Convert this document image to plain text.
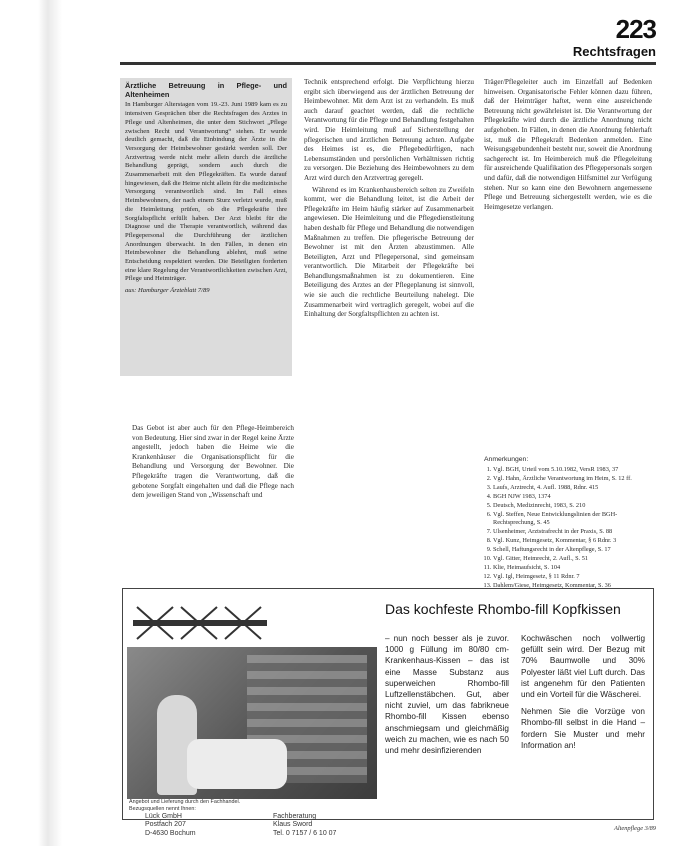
223
Rechtsfragen
Ärztliche Betreuung in Pflege- und Altenheimen

In Hamburger Alterstagen vom 19.-23. Juni 1989 kam es zu intensiven Gesprächen über die Rechtsfragen des Arztes in Pflege und Altenheimen, die unter dem Stichwort „Pflege zwischen Recht und Verantwortung“ stehen. Er wurde deutlich gemacht, daß die Einbindung der Ärzte in die Versorgung der Heimbewohner gestärkt werden soll. Der Arztvertrag werde nicht mehr allein durch die ärztliche Behandlung geprägt, sondern auch durch die Zusammenarbeit mit den Pflegekräften. Es wurde darauf hingewiesen, daß die Heime nicht allein für die medizinische Versorgung verantwortlich sind. Im Fall eines Heimbewohners, der nach einem Sturz verletzt wurde, muß die Heimleitung prüfen, ob die Pflegekräfte ihre Sorgfaltspflicht erfüllt haben. Der Arzt bleibt für die Diagnose und die Therapie verantwortlich, während das Pflegepersonal die Durchführung der ärztlichen Anordnungen überwacht. In den Fällen, in denen ein Heimbewohner die Behandlung ablehnt, muß seine Entscheidung respektiert werden. Die Beteiligten forderten eine klare Regelung der Verantwortlichkeiten zwischen Arzt, Pflege und Heimträger.

aus: Hamburger Ärzteblatt 7/89

Das Gebot ist aber auch für den Pflege-Heimbereich von Bedeutung. Hier sind zwar in der Regel keine Ärzte angestellt, jedoch haben die Heime wie die Krankenhäuser die Organisationspflicht für die Behandlung und Versorgung der Bewohner. Die Pflegekräfte tragen die Verantwortung, daß die gebotene Sorgfalt eingehalten und daß die Pflege nach dem jeweiligen Stand von „Wissenschaft und

Technik entsprechend erfolgt. Die Verpflichtung hierzu ergibt sich überwiegend aus der ärztlichen Betreuung der Heimbewohner. Mit dem Arzt ist zu verhandeln. Es muß auch darauf geachtet werden, daß die rechtliche Verantwortung für die Pflege und Behandlung festgehalten wird. Die Heimleitung muß auf Sicherstellung der pflegerischen und ärztlichen Betreuung achten. Aufgabe des Heimes ist es, die Pflegebedürftigen, nach Lebensumständen und persönlichen Verhältnissen richtig zu versorgen. Die Beziehung des Heimbewohners zu dem Arzt wird durch den Arztvertrag geregelt.

Während es im Krankenhausbereich selten zu Zweifeln kommt, wer die Behandlung leitet, ist die Arbeit der Pflegekräfte im Heim häufig stärker auf Zusammenarbeit angewiesen. Die Heimleitung und die Pflegedienstleitung haben deshalb für Pflege und Behandlung die notwendigen Maßnahmen zu treffen. Die pflegerische Betreuung der Bewohner ist mit den Ärzten abzustimmen. Alle Beteiligten, Arzt und Pflegepersonal, sind gemeinsam verantwortlich. Die Mitarbeit der Pflegekräfte bei Behandlungsmaßnahmen ist zu dokumentieren. Eine Beteiligung des Arztes an der Pflegeplanung ist sinnvoll, wie sie auch die rechtliche Beurteilung nahelegt. Die Zusammenarbeit wird vertraglich geregelt, wobei auf die Einhaltung der Sorgfaltspflichten zu achten ist.

Träger/Pflegeleiter auch im Einzelfall auf Bedenken hinweisen. Organisatorische Fehler können dazu führen, daß der Heimträger haftet, wenn eine ausreichende Betreuung nicht gewährleistet ist. Die Verantwortung der Pflegekräfte wird durch die ärztliche Anordnung nicht aufgehoben. In Fällen, in denen die Anordnung fehlerhaft ist, muß die Pflegekraft Bedenken anmelden. Eine Weisungsgebundenheit besteht nur, soweit die Anordnung sachgerecht ist. Im Heimbereich muß die Pflegeleitung für ausreichende Qualifikation des Pflegepersonals sorgen und dafür, daß die notwendigen Hilfsmittel zur Verfügung stehen. Nur so kann eine den Bewohnern angemessene Pflege und Betreuung sichergestellt werden, wie es die Heimgesetze verlangen.

Anmerkungen:
1. Vgl. BGH, Urteil vom 5.10.1982, VersR 1983, 37
2. Vgl. Hahn, Ärztliche Verantwortung im Heim, S. 12 ff.
3. Laufs, Arztrecht, 4. Aufl. 1988, Rdnr. 415
4. BGH NJW 1983, 1374
5. Deutsch, Medizinrecht, 1983, S. 210
6. Vgl. Steffen, Neue Entwicklungslinien der BGH-Rechtsprechung, S. 45
7. Ulsenheimer, Arztstrafrecht in der Praxis, S. 88
8. Vgl. Kunz, Heimgesetz, Kommentar, § 6 Rdnr. 3
9. Schell, Haftungsrecht in der Altenpflege, S. 17
10. Vgl. Gitter, Heimrecht, 2. Aufl., S. 51
11. Klie, Heimaufsicht, S. 104
12. Vgl. Igl, Heimgesetz, § 11 Rdnr. 7
13. Dahlem/Giese, Heimgesetz, Kommentar, S. 36
Angebot und Lieferung durch den Fachhandel. Bezugsquellen nennt Ihnen:
Lück GmbH
Postfach 207
D-4630 Bochum
Fachberatung
Klaus Sword
Tel. 0 7157 / 6 10 07
Das kochfeste Rhombo-fill Kopfkissen

– nun noch besser als je zuvor. 1000 g Füllung im 80/80 cm-Krankenhaus-Kissen – das ist eine Masse Substanz aus superweichen Rhombo-fill Luftzellenstäbchen. Gut, aber nicht zuviel, um das fabrikneue Rhombo-fill Kissen ebenso anschmiegsam und gleichmäßig weich zu machen, wie es nach 50 und mehr desinfizierenden

Kochwäschen noch vollwertig gefüllt sein wird. Der Bezug mit 70% Baumwolle und 30% Polyester läßt viel Luft durch. Das ist angenehm für den Patienten und ein Vorteil für die Wäscherei.

Nehmen Sie die Vorzüge von Rhombo-fill selbst in die Hand – fordern Sie Muster und mehr Information an!

Altenpflege 3/89
